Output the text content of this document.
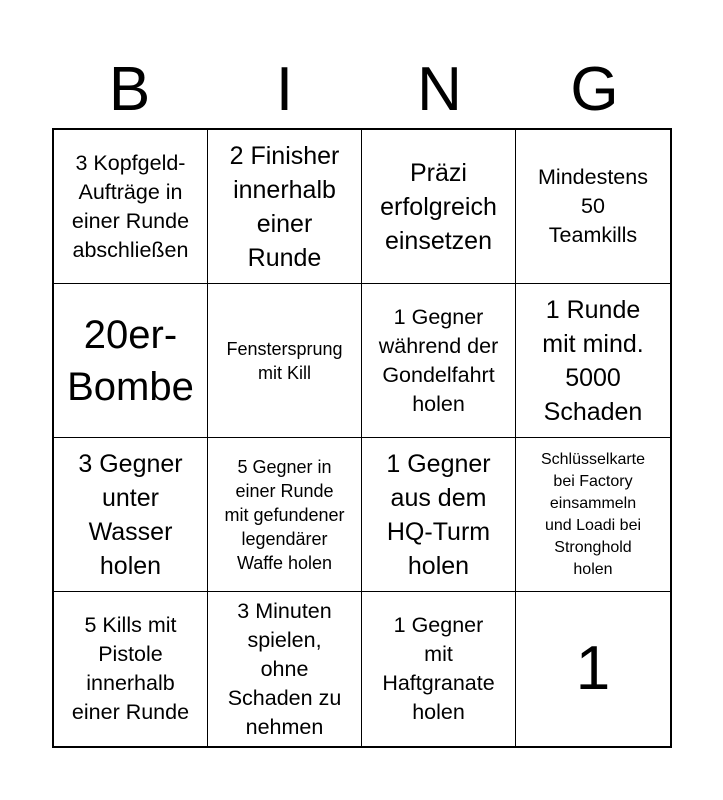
B	I	N	G
3 Kopfgeld-
Aufträge in
einer Runde
abschließen
2 Finisher
innerhalb
einer
Runde
Präzi
erfolgreich
einsetzen
Mindestens
50
Teamkills
20er-
Bombe
Fenstersprung
mit Kill
1 Gegner
während der
Gondelfahrt
holen
1 Runde
mit mind.
5000
Schaden
3 Gegner
unter
Wasser
holen
5 Gegner in
einer Runde
mit gefundener
legendärer
Waffe holen
1 Gegner
aus dem
HQ-Turm
holen
Schlüsselkarte
bei Factory
einsammeln
und Loadi bei
Stronghold
holen
5 Kills mit
Pistole
innerhalb
einer Runde
3 Minuten
spielen,
ohne
Schaden zu
nehmen
1 Gegner
mit
Haftgranate
holen
1
